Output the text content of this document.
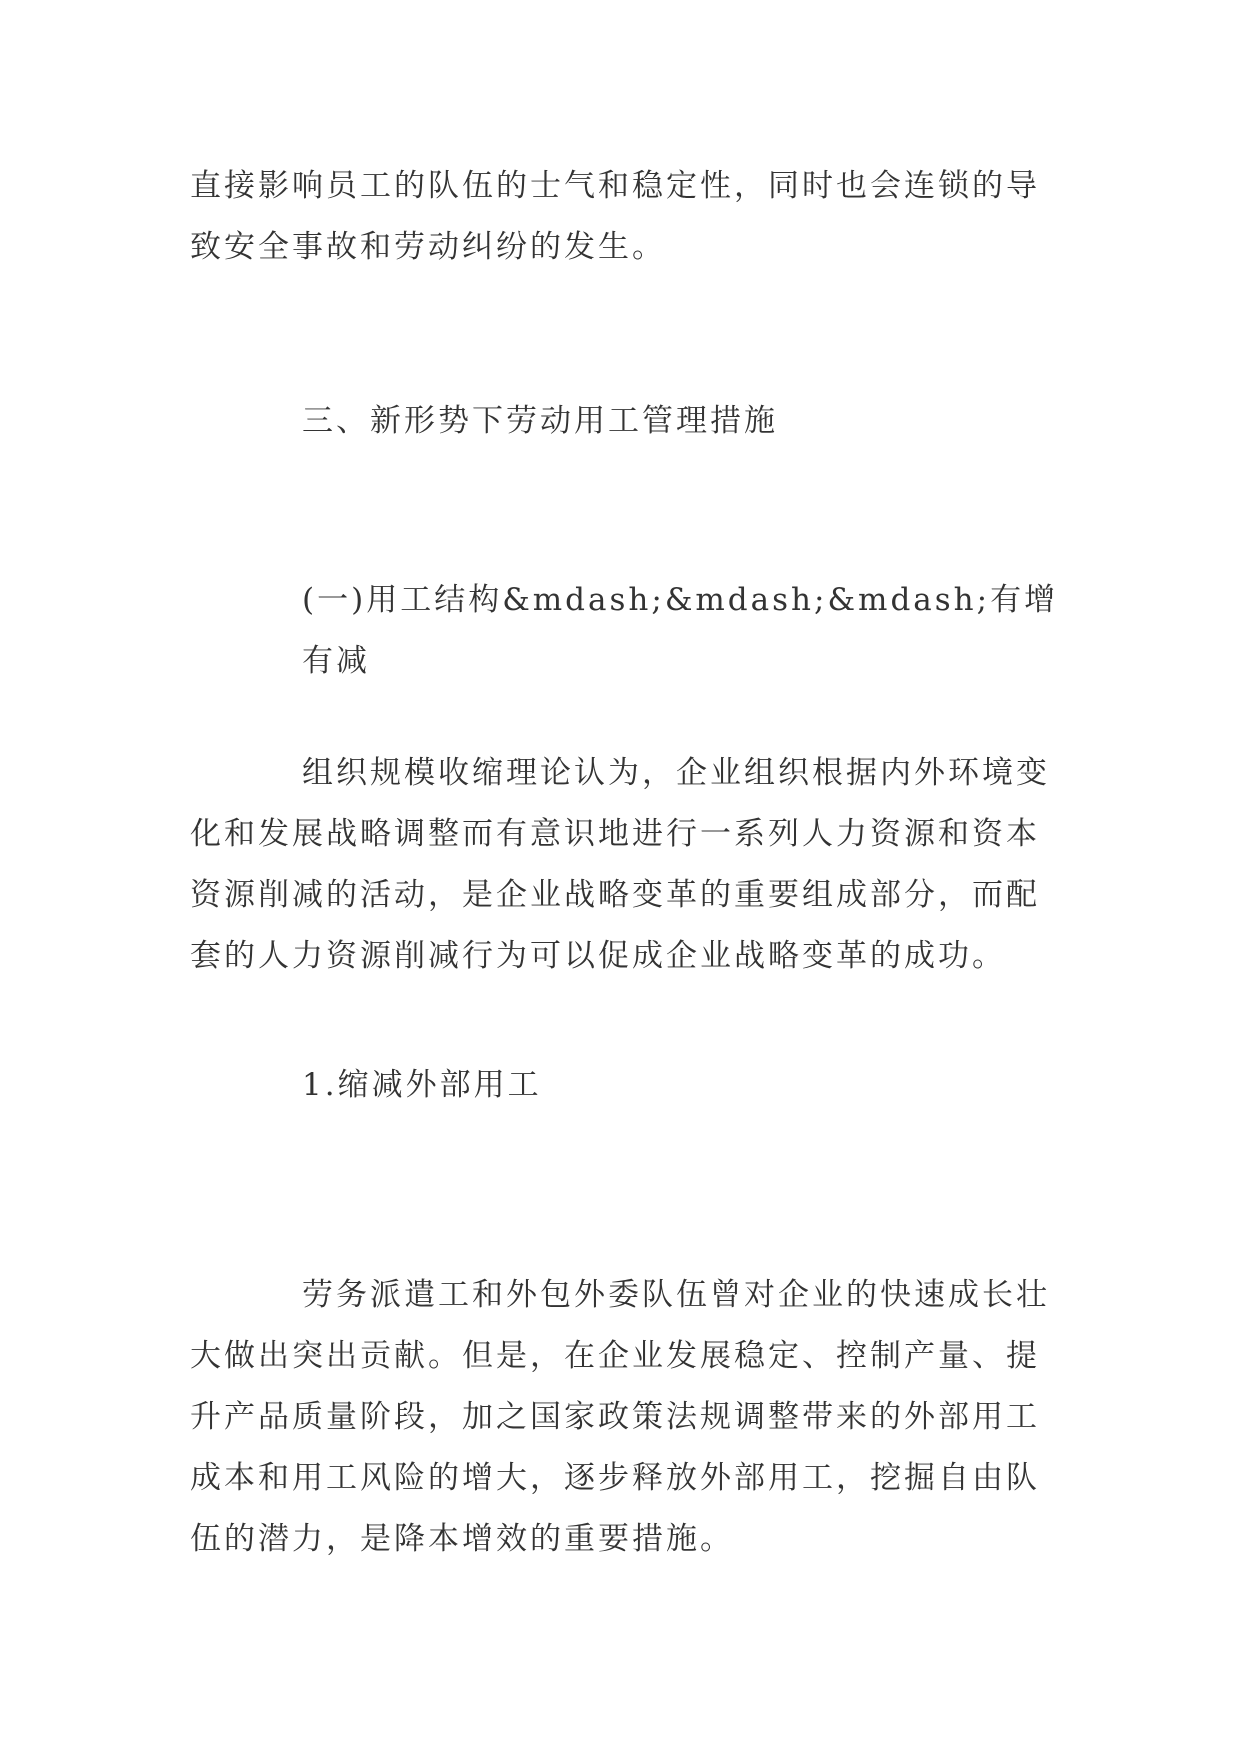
直接影响员工的队伍的士气和稳定性，同时也会连锁的导致安全事故和劳动纠纷的发生。

三、新形势下劳动用工管理措施

(一)用工结构&mdash;&mdash;&mdash;有增有减

组织规模收缩理论认为，企业组织根据内外环境变化和发展战略调整而有意识地进行一系列人力资源和资本资源削减的活动，是企业战略变革的重要组成部分，而配套的人力资源削减行为可以促成企业战略变革的成功。

1.缩减外部用工

劳务派遣工和外包外委队伍曾对企业的快速成长壮大做出突出贡献。但是，在企业发展稳定、控制产量、提升产品质量阶段，加之国家政策法规调整带来的外部用工成本和用工风险的增大，逐步释放外部用工，挖掘自由队伍的潜力，是降本增效的重要措施。
